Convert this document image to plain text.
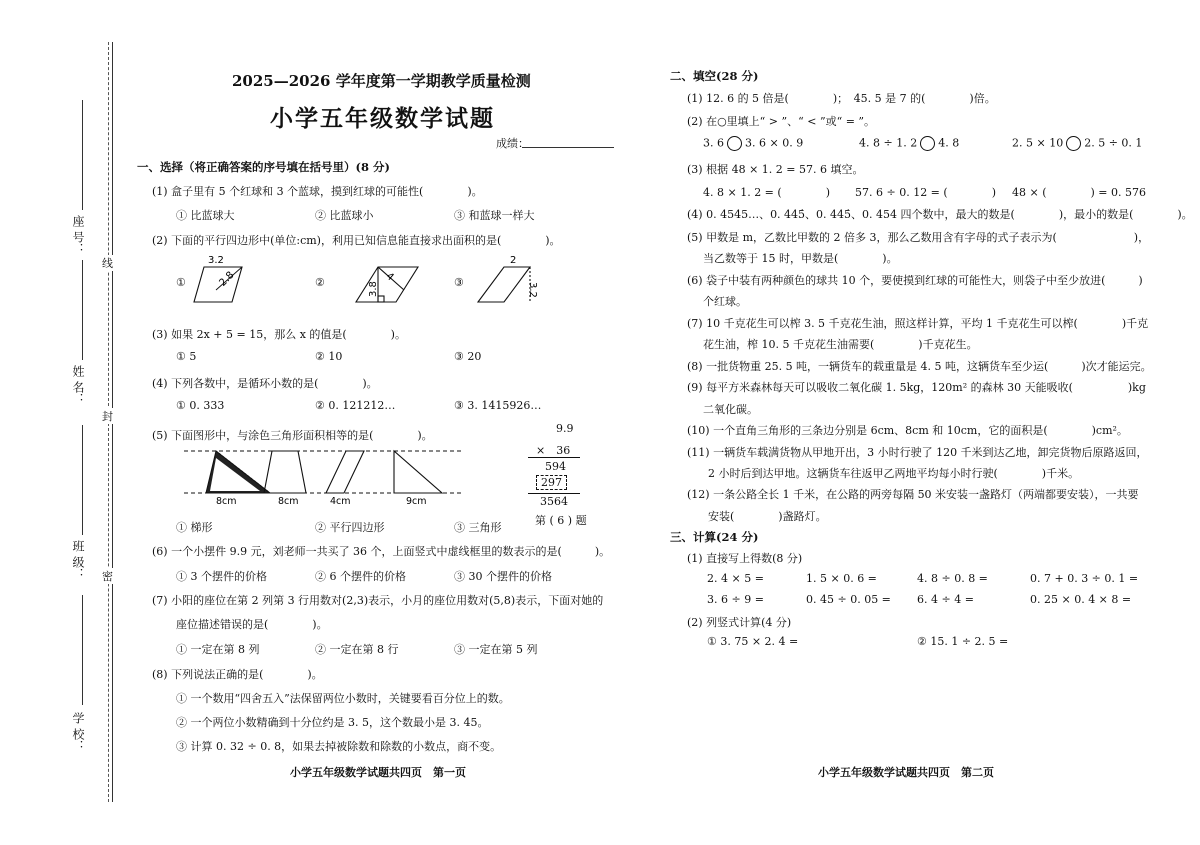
座 号：
姓 名：
班 级：
学 校：
线
封
密
2025—2026 学年度第一学期教学质量检测
小学五年级数学试题
成绩：
一、选择（将正确答案的序号填在括号里）(8 分)
(1) 盒子里有 5 个红球和 3 个蓝球，摸到红球的可能性(　　　　)。
① 比蓝球大	② 比蓝球小	③ 和蓝球一样大
(2) 下面的平行四边形中(单位:cm)，利用已知信息能直接求出面积的是(　　　　)。
①	②	③
3.2
2.8
3.8
4
2
3.2
(3) 如果 2x + 5 = 15，那么 x 的值是(　　　　)。
① 5	② 10	③ 20
(4) 下列各数中，是循环小数的是(　　　　)。
① 0. 333	② 0. 121212…	③ 3. 1415926…
(5) 下面图形中，与涂色三角形面积相等的是(　　　　)。
8cm	8cm	4cm	9cm
① 梯形	② 平行四边形	③ 三角形
9.9
×　36
594
297
3564
第 ( 6 ) 题
(6) 一个小摆件 9.9 元，刘老师一共买了 36 个，上面竖式中虚线框里的数表示的是(　　　)。
① 3 个摆件的价格	② 6 个摆件的价格	③ 30 个摆件的价格
(7) 小阳的座位在第 2 列第 3 行用数对(2,3)表示，小月的座位用数对(5,8)表示，下面对她的
座位描述错误的是(　　　　)。
① 一定在第 8 列	② 一定在第 8 行	③ 一定在第 5 列
(8) 下列说法正确的是(　　　　)。
① 一个数用“四舍五入”法保留两位小数时，关键要看百分位上的数。
② 一个两位小数精确到十分位约是 3. 5，这个数最小是 3. 45。
③ 计算 0. 32 ÷ 0. 8，如果去掉被除数和除数的小数点，商不变。
小学五年级数学试题共四页　第一页
二、填空(28 分)
(1) 12. 6 的 5 倍是(　　　　)；　45. 5 是 7 的(　　　　)倍。
(2) 在○里填上“ > ”、“ < ”或“ = ”。
3. 6 3. 6 × 0. 9	4. 8 ÷ 1. 2 4. 8	2. 5 × 10 2. 5 ÷ 0. 1
(3) 根据 48 × 1. 2 = 57. 6 填空。
4. 8 × 1. 2 = (　　　　) 57. 6 ÷ 0. 12 = (　　　　) 48 × (　　　　) = 0. 576
(4) 0. 4545…、0. 445̇、0. 445̇、0. 454 四个数中，最大的数是(　　　　)，最小的数是(　　　　)。
(5) 甲数是 m，乙数比甲数的 2 倍多 3，那么乙数用含有字母的式子表示为(　　　　　　　)，
当乙数等于 15 时，甲数是(　　　　)。
(6) 袋子中装有两种颜色的球共 10 个，要使摸到红球的可能性大，则袋子中至少放进(　　　)
个红球。
(7) 10 千克花生可以榨 3. 5 千克花生油，照这样计算，平均 1 千克花生可以榨(　　　　)千克
花生油，榨 10. 5 千克花生油需要(　　　　)千克花生。
(8) 一批货物重 25. 5 吨，一辆货车的载重量是 4. 5 吨，这辆货车至少运(　　　)次才能运完。
(9) 每平方米森林每天可以吸收二氧化碳 1. 5kg，120m² 的森林 30 天能吸收(　　　　　)kg
二氧化碳。
(10) 一个直角三角形的三条边分别是 6cm、8cm 和 10cm，它的面积是(　　　　)cm²。
(11) 一辆货车载满货物从甲地开出，3 小时行驶了 120 千米到达乙地，卸完货物后原路返回，
2 小时后到达甲地。这辆货车往返甲乙两地平均每小时行驶(　　　　)千米。
(12) 一条公路全长 1 千米，在公路的两旁每隔 50 米安装一盏路灯（两端都要安装），一共要
安装(　　　　)盏路灯。
三、计算(24 分)
(1) 直接写上得数(8 分)
2. 4 × 5 =	1. 5 × 0. 6 =	4. 8 ÷ 0. 8 =	0. 7 + 0. 3 ÷ 0. 1 =
3. 6 ÷ 9 =	0. 45 ÷ 0. 05 = 6. 4 ÷ 4 =	0. 25 × 0. 4 × 8 =
(2) 列竖式计算(4 分)
① 3. 75 × 2. 4 =	② 15. 1 ÷ 2. 5 =
小学五年级数学试题共四页　第二页
